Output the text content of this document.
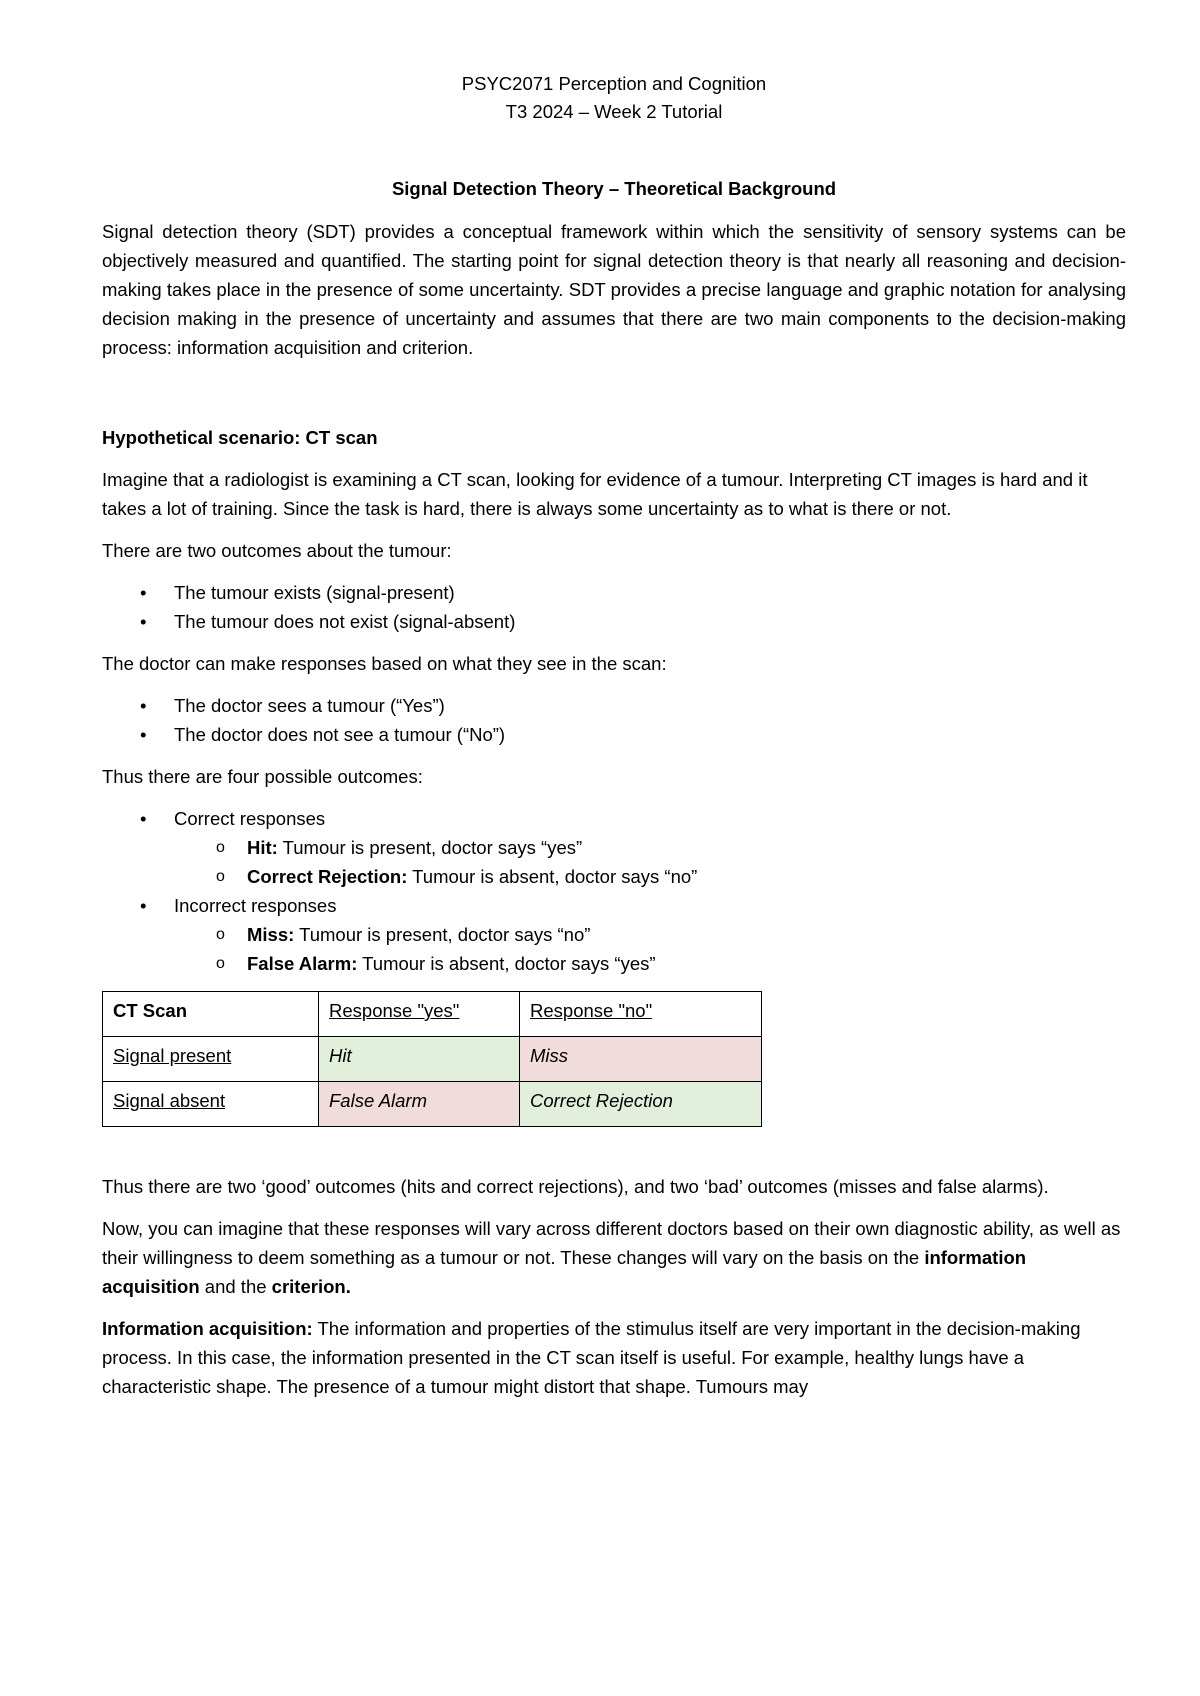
PSYC2071 Perception and Cognition
T3 2024 – Week 2 Tutorial
Signal Detection Theory – Theoretical Background

Signal detection theory (SDT) provides a conceptual framework within which the sensitivity of sensory systems can be objectively measured and quantified. The starting point for signal detection theory is that nearly all reasoning and decision-making takes place in the presence of some uncertainty. SDT provides a precise language and graphic notation for analysing decision making in the presence of uncertainty and assumes that there are two main components to the decision-making process: information acquisition and criterion.

Hypothetical scenario: CT scan

Imagine that a radiologist is examining a CT scan, looking for evidence of a tumour. Interpreting CT images is hard and it takes a lot of training. Since the task is hard, there is always some uncertainty as to what is there or not.

There are two outcomes about the tumour:

• The tumour exists (signal-present)
• The tumour does not exist (signal-absent)

The doctor can make responses based on what they see in the scan:

• The doctor sees a tumour (“Yes”)
• The doctor does not see a tumour (“No”)

Thus there are four possible outcomes:

• Correct responses
o Hit: Tumour is present, doctor says “yes”
o Correct Rejection: Tumour is absent, doctor says “no”
• Incorrect responses
o Miss: Tumour is present, doctor says “no”
o False Alarm: Tumour is absent, doctor says “yes”
CT Scan	Response "yes"	Response "no"
Signal present	Hit	Miss
Signal absent	False Alarm	Correct Rejection

Thus there are two ‘good’ outcomes (hits and correct rejections), and two ‘bad’ outcomes (misses and false alarms).

Now, you can imagine that these responses will vary across different doctors based on their own diagnostic ability, as well as their willingness to deem something as a tumour or not. These changes will vary on the basis on the information acquisition and the criterion.

Information acquisition: The information and properties of the stimulus itself are very important in the decision-making process. In this case, the information presented in the CT scan itself is useful. For example, healthy lungs have a characteristic shape. The presence of a tumour might distort that shape. Tumours may
